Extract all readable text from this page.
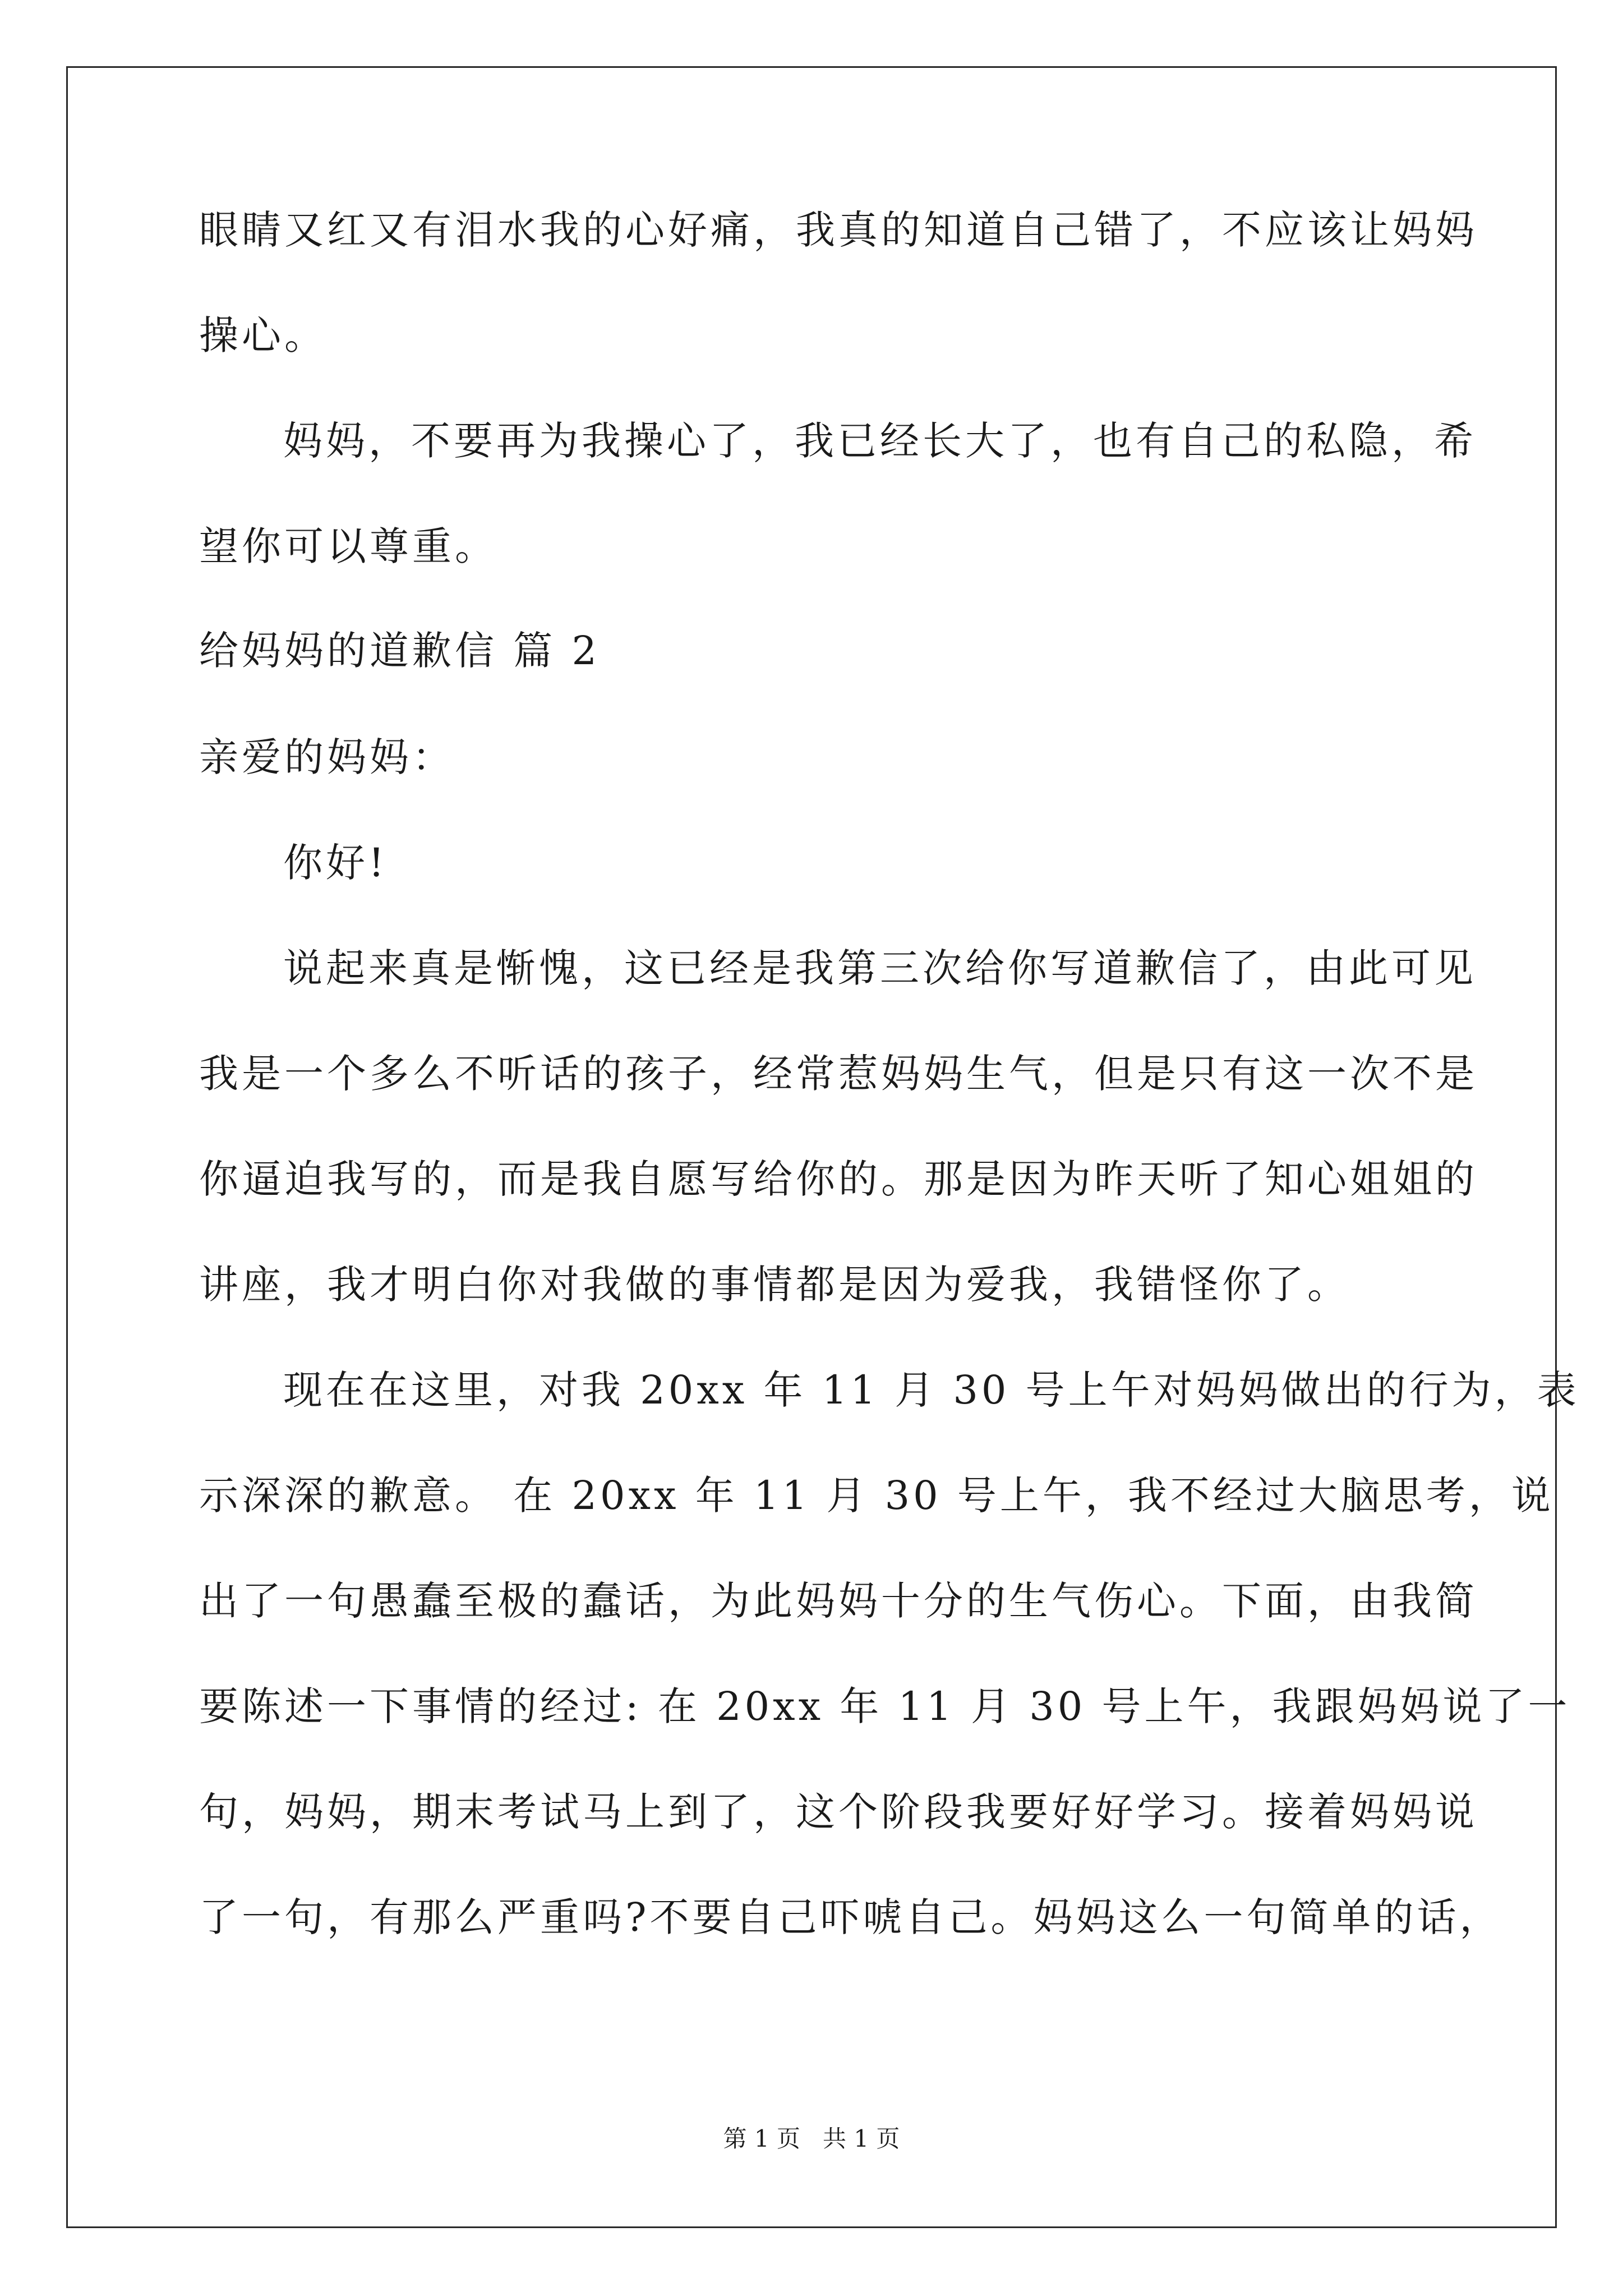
眼睛又红又有泪水我的心好痛，我真的知道自己错了，不应该让妈妈
操心。
妈妈，不要再为我操心了，我已经长大了，也有自己的私隐，希
望你可以尊重。
给妈妈的道歉信 篇 2
亲爱的妈妈：
你好!
说起来真是惭愧，这已经是我第三次给你写道歉信了，由此可见
我是一个多么不听话的孩子，经常惹妈妈生气，但是只有这一次不是
你逼迫我写的，而是我自愿写给你的。那是因为昨天听了知心姐姐的
讲座，我才明白你对我做的事情都是因为爱我，我错怪你了。
现在在这里，对我 20xx 年 11 月 30 号上午对妈妈做出的行为，表
示深深的歉意。 在 20xx 年 11 月 30 号上午，我不经过大脑思考，说
出了一句愚蠢至极的蠢话，为此妈妈十分的生气伤心。下面，由我简
要陈述一下事情的经过: 在 20xx 年 11 月 30 号上午，我跟妈妈说了一
句，妈妈，期末考试马上到了，这个阶段我要好好学习。接着妈妈说
了一句，有那么严重吗?不要自己吓唬自己。妈妈这么一句简单的话，
第 1 页 共 1 页
